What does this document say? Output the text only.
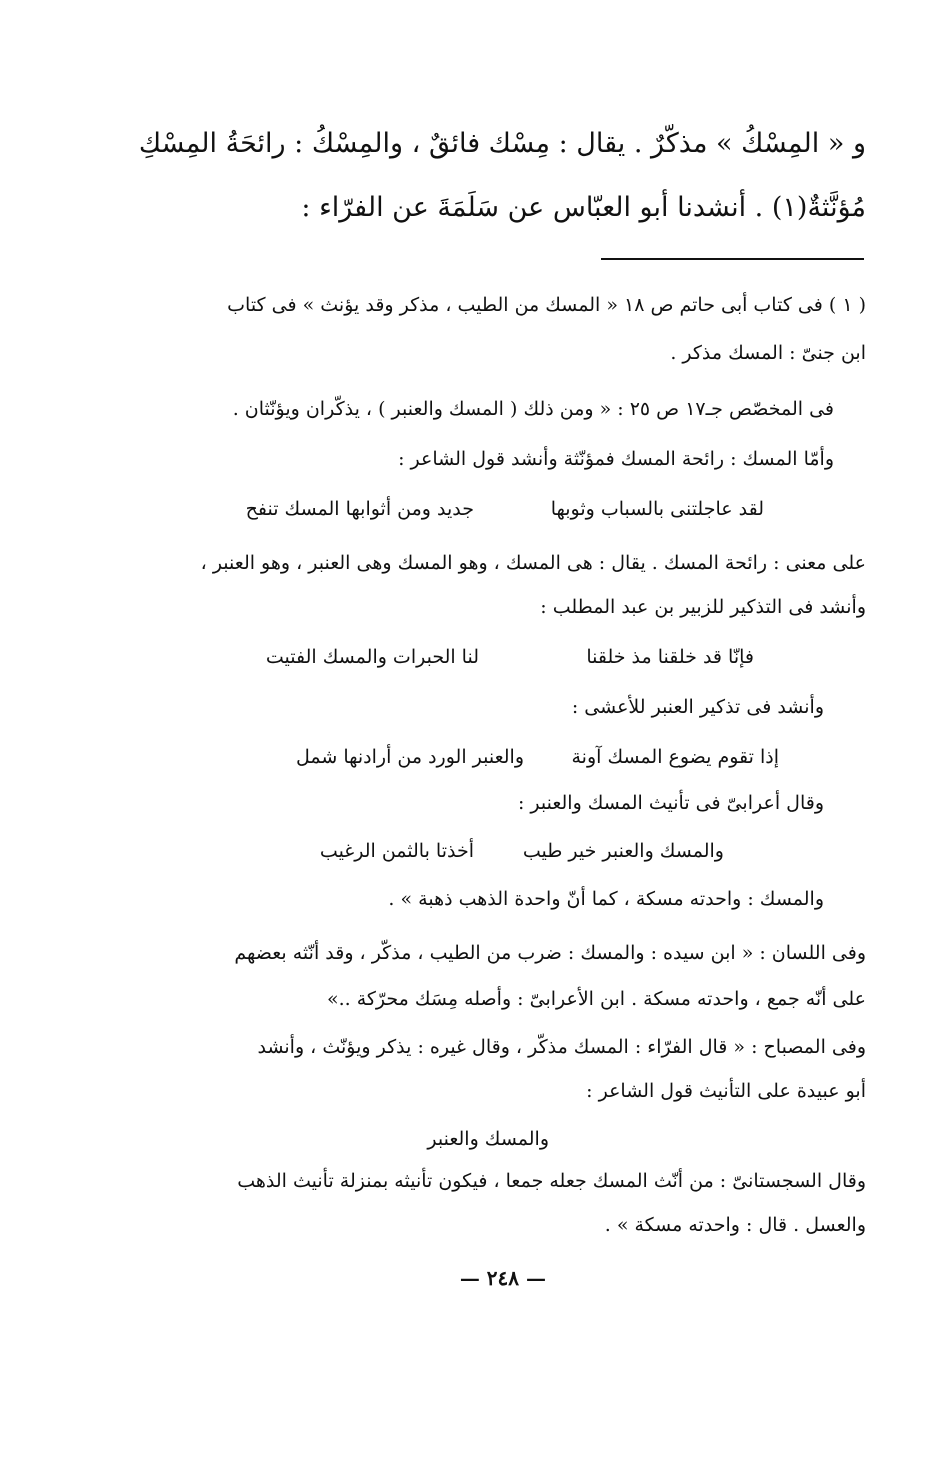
و « المِسْكُ » مذكّرٌ . يقال : مِسْك فائقٌ ، والمِسْكُ : رائحَةُ المِسْكِ
مُؤنَّثةٌ(١) . أنشدنا أبو العبّاس عن سَلَمَةَ عن الفرّاء :
( ١ ) فى كتاب أبى حاتم ص ١٨ « المسك من الطيب ، مذكر وقد يؤنث » فى كتاب
ابن جنىّ : المسك مذكر .
فى المخصّص جـ١٧ ص ٢٥ : « ومن ذلك ( المسك والعنبر ) ، يذكّران ويؤنّثان .
وأمّا المسك : رائحة المسك فمؤنّثة وأنشد قول الشاعر :
لقد عاجلتنى بالسباب وثوبها
جديد ومن أثوابها المسك تنفح
على معنى : رائحة المسك . يقال : هى المسك ، وهو المسك وهى العنبر ، وهو العنبر ،
وأنشد فى التذكير للزبير بن عبد المطلب :
فإنّا قد خلقنا مذ خلقنا
لنا الحبرات والمسك الفتيت
وأنشد فى تذكير العنبر للأعشى :
إذا تقوم يضوع المسك آونة
والعنبر الورد من أرادنها شمل
وقال أعرابىّ فى تأنيث المسك والعنبر :
والمسك والعنبر خير طيب
أخذتا بالثمن الرغيب
والمسك : واحدته مسكة ، كما أنّ واحدة الذهب ذهبة » .
وفى اللسان : « ابن سيده : والمسك : ضرب من الطيب ، مذكّر ، وقد أنّثه بعضهم
على أنّه جمع ، واحدته مسكة . ابن الأعرابىّ : وأصله مِسَك محرّكة ..»
وفى المصباح : « قال الفرّاء : المسك مذكّر ، وقال غيره : يذكر ويؤنّث ، وأنشد
أبو عبيدة على التأنيث قول الشاعر :
والمسك والعنبر
وقال السجستانىّ : من أنّث المسك جعله جمعا ، فيكون تأنيثه بمنزلة تأنيث الذهب
والعسل . قال : واحدته مسكة » .
— ٢٤٨ —
